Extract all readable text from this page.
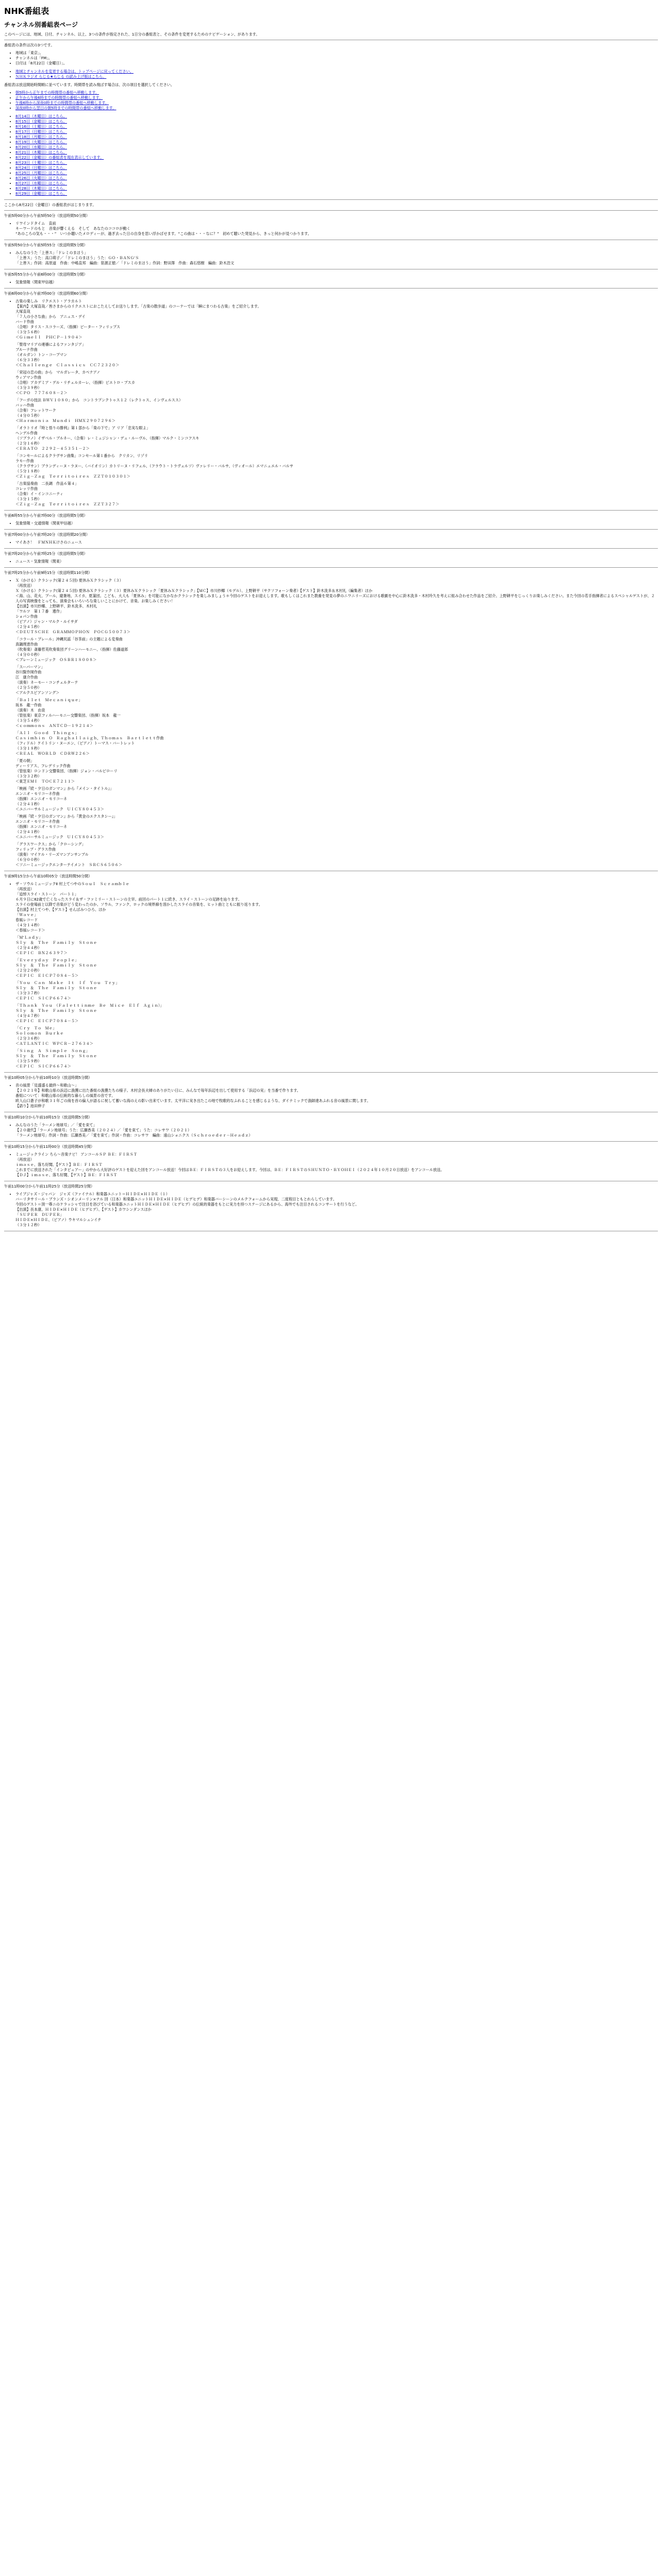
NHK番組表
チャンネル別番組表ページ

このページには、地域、日付、チャンネル、以上、3つの条件が指定された、1日分の番組表と、その条件を変更するためのナビゲーション、があります。

番組表の条件は次の3つです。

• 地域は「東京」。
• チャンネルは「FM」。
• 日付は「8月22日（金曜日）」。
• 地域とチャンネルを変更する場合は、トップページに戻ってください。
• ＮＨＫラジオ らじる★らじる の読み上げ版はこちら。

番組表は放送開始時間順に並べています。時間帯を読み飛ばす場合は、次の項目を選択してください。

• 朝5時から正午までの時間帯の番組へ移動します。
• 正午から午後6時までの時間帯の番組へ移動します。
• 午後6時から深夜0時までの時間帯の番組へ移動します。
• 深夜0時から翌日の朝5時までの時間帯の番組へ移動します。
• 8月14日（木曜日）はこちら。
• 8月15日（金曜日）はこちら。
• 8月16日（土曜日）はこちら。
• 8月17日（日曜日）はこちら。
• 8月18日（月曜日）はこちら。
• 8月19日（火曜日）はこちら。
• 8月20日（水曜日）はこちら。
• 8月21日（木曜日）はこちら。
• 8月22日（金曜日）の番組表を現在表示しています。
• 8月23日（土曜日）はこちら。
• 8月24日（日曜日）はこちら。
• 8月25日（月曜日）はこちら。
• 8月26日（火曜日）はこちら。
• 8月27日（水曜日）はこちら。
• 8月28日（木曜日）はこちら。
• 8月29日（金曜日）はこちら。

ここから8月22日（金曜日）の番組表がはじまります。

午前5時00分から午前5時50分（放送時間50分間）

• リワインドタイム　直前
キーワードのもと　音楽が響くえる　そして　あなたのココロが動く
“あのころの気も・・・”　いつか聴いたメロディーが、過ぎ去った日の自身を思い浮かばせます。“この曲は・・・なに？”　初めて聴いた発見から、きっと何かが見つかります。

午前5時50分から午前5時55分（放送時間5分間）

• みんなのうた「上善ス」「ドレミのまほう」
「上善ス」うた：高口萌子／「ドレミのまほう」うた：ＧＯ・ＢＡＮＧ’Ｓ
「上善ス」作詞：高原道　作曲：中嶋直邦　編曲：笹源正徳／「ドレミのまほう」作詞：野田澤　作曲：森石悠樹　編曲：鈴木浩文

午前5時55分から午前6時00分（放送時間5分間）

• 気象情報（関東甲信越）

午前6時00分から午前7時00分（放送時間60分間）

• 古楽の楽しみ　リクエスト・アラカルト
【案内】大塚直哉／皆さまからのリクエストにおこたえしてお送りします。「古楽の散歩道」のコーナーでは「瞬にまつわる古楽」をご紹介します。
大塚直哉
「７人の小さな曲」から　アニュス・デイ
バード作曲
（合唱）タリス・スコラーズ、（指揮）ピーター・フィリップス
（３分５６秒）
＜Ｇｉｍｅｌｌ　ＰＨＣＰ－１９０４＞
「聖母マリアの連禱によるファンタジア」
ブルーナ作曲
（オルガン）トン・コープマン
（６分３３秒）
＜Ｃｈａｌｌｅｎｇｅ　Ｃｌａｓｓｉｃｓ　ＣＣ７２３２０＞
「栄冠の恋の曲」から　マルガレータ、カペナアノ
ウィアマン作曲
（合唱）アカデミア・デル・リチェルカーレ、（指揮）ピエトロ・ブスカ
（３分３９秒）
＜ＣＰＯ　７７７６０８－２＞
「フーガの技法 ＢＷＶ１０８０」から　コントラプンクトゥス１２（レクトゥス、インヴェルスス）
バッハ作曲
（合奏）フレットワーク
（４分０５秒）
＜Ｈａｒｍｏｎｉａ　Ｍｕｎｄｉ　ＨＭＸ２９０７２９６＞
「オラトリオ『時と悟りの勝利』第１部から「楽の下で」ア リア「忠実な眼よ」
ヘンデル作曲
（ソプラノ）イザベル・ブルネー、（合奏）レ・ミュジシャン・デュ・ルーヴル、（指揮）マルク・ミンコフスキ
（２分１６秒）
＜ＥＲＡＴＯ　２２９２－４５３５１－２＞
「コンセールによるクラヴサン曲集」コンセール第１番から　クリカン、リゾリ
ラモー作曲
（クラヴサン）ブランディーヌ・ラヌー、（バイオリン）カトリーヌ・リフェル、（フラウト・トラヴェルソ）ヴァレリー・バルサ、（ヴィオール）エマニュエル・バルサ
（５分１８秒）
＜Ｚｉｇ－Ｚａｇ　Ｔｅｒｒｉｔｏｉｒｅｓ　ＺＺＴ０１０３０１＞
「古楽協奏曲　二長調　作品６第４」
コレッリ作曲
（合奏）イ・インコニーティ
（３分１５秒）
＜Ｚｉｇ－Ｚａｇ　Ｔｅｒｒｉｔｏｉｒｅｓ　ＺＺＴ３２７＞

午前6時55分から午前7時00分（放送時間5分間）

• 気象情報・交通情報（関東甲信越）

午前7時00分から午前7時20分（放送時間20分間）

• マイあさ！　ＦＭＮＨＫけさのニュース

午前7時20分から午前7時25分（放送時間5分間）

• ニュース・気象情報（関東）

午前7時25分から午前9時15分（放送時間110分間）

• Ｘ（かける）クラシック(第２４５回) 夏休みＸクラシック（３）
（再放送）
Ｘ（かける）クラシック(第２４５回) 夏休みＸクラシック（３）夏休みＸクラシック「夏休みＸクラシック」【ＭＣ】市川紗椰（モデル）、上野耕平（サクソフォーン奏者）【ゲスト】鈴木洗多＆木村礼（編集者）ほか
＜海、山、花火、プール、避暑地、スイカ、夏蒲団。こども、大人も「夏休み」を可能になかなかクラシックを楽しみましょう＊今回のゲストをお迎えします。歌もしくはこれまた教養を発見の夢のニワニリーズにおける歌劇を中心に鈴木洗多・木村玲久を考えに組み合わせた作品をご紹介。上野耕平をじっくりお楽しみください。また今回の若手指揮者によるスペシャルゲストが、２人の写真映像をとっても、演奏会もいろいろな楽しいことにかけて、音楽。お楽しみください！
【出演】市川紗椰、上野耕平、鈴木洗多、木村礼
「ワルツ　第１７番　遺作」
ショパン作曲
（ピアノ）ジャン・マルク・ルイサダ
（２分４５秒）
＜ＤＥＵＴＳＣＨＥ　ＧＲＡＭＭＯＰＨＯＮ　ＰＯＣＧ５００７３＞
「コラール・プレール」沖縄民謡「谷茶前」の主題による変奏曲
真鍋理恵作曲
（吹奏楽）斎藤哲英吹奏楽団グリーンハーモニー、（指揮）佐藤道郎
（４分００秒）
＜ブレーンミュージック　ＯＳＢＲ１８００８＞
「スーパーマン」
谷川賢作岡作曲
江　康介作曲
（演奏）ネーモー・コンチェルターテ
（２分５０秒）
＜アルクスピアンソング＞
「Ｂａｌｌｅｔ　Ｍｅｃａｎｉｑｕｅ」
坂本　龍一作曲
（演奏）木　由泉
（管弦楽）東京フィルハーモニー交響楽団、（指揮）坂本　龍一
（３分５４秒）
＜ｃｏｍｍｏｎｓ　ＡＮＴＣＤ－１９２１４＞
「Ａｌｌ　Ｇｏｏｄ　Ｔｈｉｎｇｓ」
Ｃａｓｉｍｈｉｎ　Ｏ　Ｒａｇｈａｌｌａｉｇｈ，Ｔｈｏｍａｓ　Ｂａｒｔｌｅｔｔ作曲
（フィドル）ケイトリン・ヌーエン、（ピアノ）トーマス・バートレット
（３分１８秒）
＜ＲＥＡＬ　ＷＯＲＬＤ　ＣＤＲＷ２２６＞
「夏の朝」
ディーリアス、フレデリック作曲
（管弦楽）ロンドン交響楽団、（指揮）ジョン・バルビローリ
（３分３２秒）
＜東芝ＥＭＩ　ＴＯＣＥ７２１１＞
「映画『続・夕日のガンマン』から『メイン・タイトル』」
エンニオ・モリコーネ作曲
（指揮）エンニオ・モリコーネ
（２分４１秒）
＜ユニバーサルミュージック　ＵＩＣＹ８０４５３＞
「映画『続・夕日のガンマン』から『黄金のエクスタシー』」
エンニオ・モリコーネ作曲
（指揮）エンニオ・モリコーネ
（２分４１秒）
＜ユニバーサルミュージック　ＵＩＣＹ８０４５３＞
「グラスワークス」から「クローシング」
フィリップ・グラス作曲
（演奏）マイケル・リーズマンアンサンブル
（６分００秒）
＜ソニーミュージックエンターテイメント　ＳＲＣＳ６５０６＞

午前9時15分から午前10時05分（放送時間50分間）

• ザ・ソウルミュージックⅡ 村上てつやのＳｏｕｌ　Ｓｃｒａｍｂｌｅ
（再放送）
「追悼スライ・ストーン　パート１」
６月９日に82歳で亡くなったスライ＆ザ・ファミリー・ストーンの主宰。前回のパート１に続き、スライ・ストーンの足跡を辿ります。
スライの登場前と以降で音楽がどう変わったのか、ソウル、ファンク、ロックの境界線を溶かしたスライの音楽を、ヒット曲とともに振り返ります。
【出演】村上てつや、【ゲスト】せんばみつひろ、ほか
「Ｗａｖｅ」
春風レコード
（４分１４秒）
＜春風レコード＞
「Ｍ’Ｌａｄｙ」
Ｓｌｙ　＆　Ｔｈｅ　Ｆａｍｉｌｙ　Ｓｔｏｎｅ
（２分４４秒）
＜ＥＰＩＣ　ＢＮ２６３９７＞
「Ｅｖｅｒｙｄａｙ　Ｐｅｏｐｌｅ」
Ｓｌｙ　＆　Ｔｈｅ　Ｆａｍｉｌｙ　Ｓｔｏｎｅ
（２分２０秒）
＜ＥＰＩＣ　ＥＩＣＰ７０８４－５＞
「Ｙｏｕ　Ｃａｎ　Ｍａｋｅ　Ｉｔ　Ｉｆ　Ｙｏｕ　Ｔｒｙ」
Ｓｌｙ　＆　Ｔｈｅ　Ｆａｍｉｌｙ　Ｓｔｏｎｅ
（３分３７秒）
＜ＥＰＩＣ　ＳＩＣＰ６６７４＞
「Ｔｈａｎｋ　Ｙｏｕ　（Ｆａｌｅｔｔｉｎｍｅ　Ｂｅ　Ｍｉｃｅ　Ｅｌｆ　Ａｇｉｎ）」
Ｓｌｙ　＆　Ｔｈｅ　Ｆａｍｉｌｙ　Ｓｔｏｎｅ
（４分４７秒）
＜ＥＰＩＣ　ＥＩＣＰ７０８４－５＞
「Ｃｒｙ　Ｔｏ　Ｍｅ」
Ｓｏｌｏｍｏｎ　Ｂｕｒｋｅ
（２分３６秒）
＜ＡＴＬＡＮＴＩＣ　ＷＰＣＲ－２７６３４＞
「Ｓｉｎｇ　Ａ　Ｓｉｍｐｌｅ　Ｓｏｎｇ」
Ｓｌｙ　＆　Ｔｈｅ　Ｆａｍｉｌｙ　Ｓｔｏｎｅ
（３分５９秒）
＜ＥＰＩＣ　ＳＩＣＰ６６７４＞

午前10時05分から午前10時10分（放送時間5分間）

• 音の風景「見盛盛る最終～和歌山～」
【２０２１年】和歌山県の浜辺に漁獲に出た番組の漁獲たちの様子。木村会長夫婦のありがたい日に、みんなで毎年浜辺を出して使用する「浜辺の実」を当番で作ります。
番組について：和歌山県の伝統的な暮らしの風景の音です。
欧人山口蒼子が和歌３１年ごの商を首の偏人が語るに祝して蓄いな海のえの影い出来ています。太平洋に実き出たこの地で牧歌的なふれることを感じるような、ダイナミックで漁師達あふれる音の風景に関します。
【語り】池田伸子

午前10時10分から午前10時15分（放送時間5分間）

• みんなのうた「ラーメン地球号」／「愛を束て」
【２０歳代】「ラーメン地球号」うた：広瀬香美（２０２４）／「愛を束て」うた：コレサワ（２０２１）
「ラーメン地球号」作詞・作曲：広瀬香美／「愛を束て」作詞・作曲：コレサワ　編曲：遠山ショニクス（Ｓｃｈｒｏｅｄｅｒ－Ｈｅａｄｚ）

午前10時15分から午前11時00分（放送時間45分間）

• ミュージックライン ちら～音楽ナビ！ アンコールＳＰ ＢＥ：ＦＩＲＳＴ
（再放送）
ｉｍａｓｅ、落ち好聞、【ゲスト】ＢＥ：ＦＩＲＳＴ
これまでに放送された「インタビュアー」の中から大好評のゲストを迎えた回をアンコール放送！今回はＢＥ：ＦＩＲＳＴの３人をお迎えします。今回は、ＢＥ：ＦＩＲＳＴのＳＨＵＮＴＯ・ＲＹＯＨＥＩ（２０２４年１０月２０日放送）をアンコール放送。
【ＤＪ】ｉｍａｓｅ、落ち好聞、【ゲスト】ＢＥ：ＦＩＲＳＴ

午前11時00分から午前11時25分（放送時間25分間）

• ライブジャズ・ジャパン　ジャズ（ファイナル）和楽器ユニット＝ＨＩＤＥ×ＨＩＤＥ（１）
バーリタサリール・ブランズ・シオンメーリン×ナル 回（日本）和楽器ユニットＨＩＤＥ×ＨＩＤＥ（ヒデヒデ）和楽器バーシーンのメルクフォームから実現、二度程目ともとれらしています。
今回のゲスト＝頂一尊ニのケラッシャで注目を浴びている和楽器ユニットＨＩＤＥ×ＨＩＤＥ（ヒデヒデ）の伝統的楽器をもとに実力を持つステージにあるから、海外でも注目されるコンサートを行うなど。
【出演】長本康、ＨＩＤＥ×ＨＩＤＥ（ヒデヒデ）、【ゲスト】カワシンダンスほか
「ＳＵＰＥＲ　ＤＵＰＥＲ」
ＨＩＤＥ×ＨＩＤＥ、（ピアノ）ウキマルシュンイチ
（３分１２秒）
